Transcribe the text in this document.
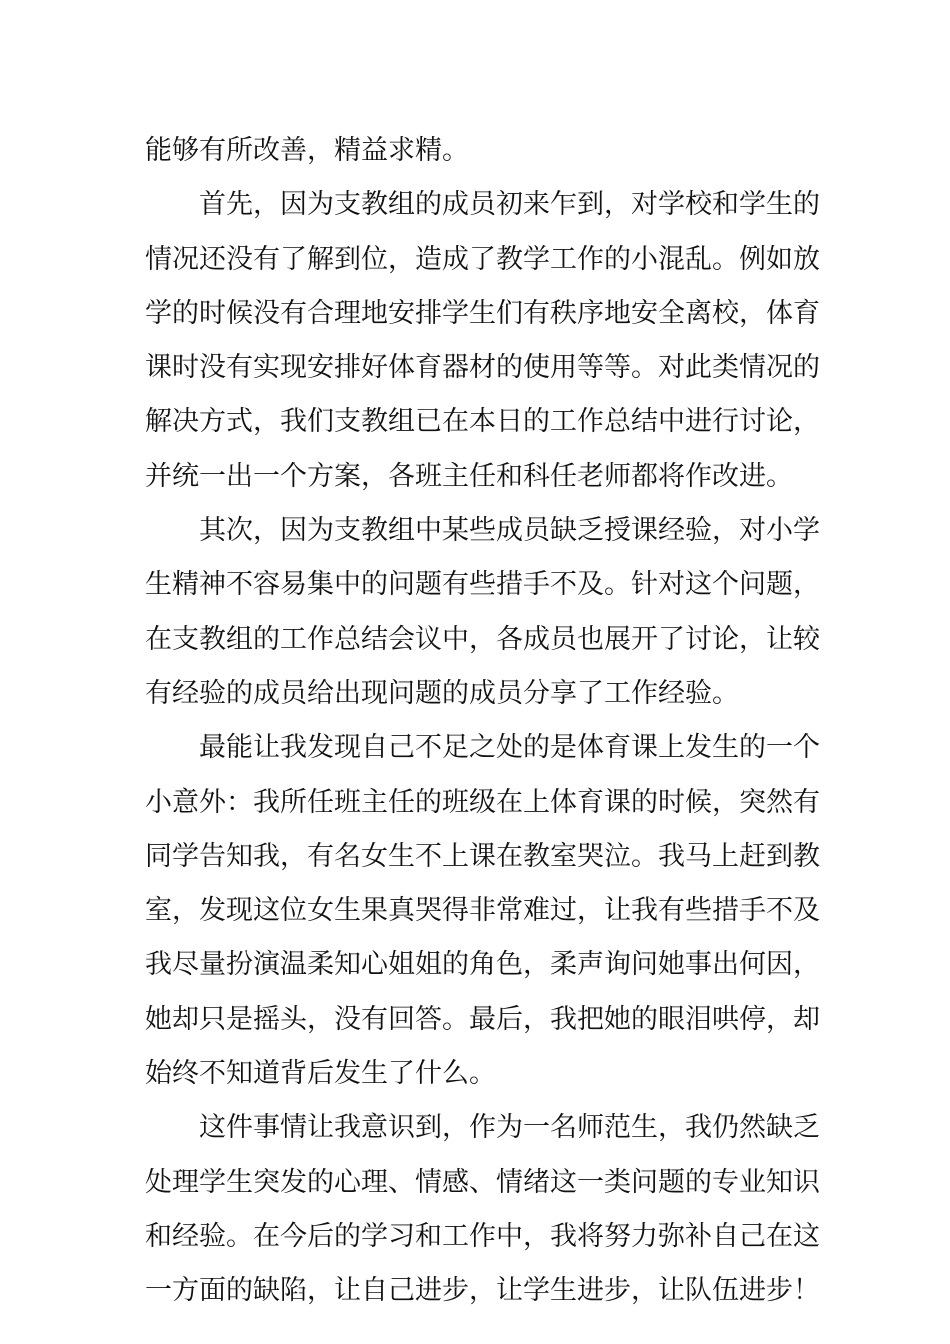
能够有所改善，精益求精。
首先，因为支教组的成员初来乍到，对学校和学生的
情况还没有了解到位，造成了教学工作的小混乱。例如放
学的时候没有合理地安排学生们有秩序地安全离校，体育
课时没有实现安排好体育器材的使用等等。对此类情况的
解决方式，我们支教组已在本日的工作总结中进行讨论，
并统一出一个方案，各班主任和科任老师都将作改进。
其次，因为支教组中某些成员缺乏授课经验，对小学
生精神不容易集中的问题有些措手不及。针对这个问题，
在支教组的工作总结会议中，各成员也展开了讨论，让较
有经验的成员给出现问题的成员分享了工作经验。
最能让我发现自己不足之处的是体育课上发生的一个
小意外：我所任班主任的班级在上体育课的时候，突然有
同学告知我，有名女生不上课在教室哭泣。我马上赶到教
室，发现这位女生果真哭得非常难过，让我有些措手不及
我尽量扮演温柔知心姐姐的角色，柔声询问她事出何因，
她却只是摇头，没有回答。最后，我把她的眼泪哄停，却
始终不知道背后发生了什么。
这件事情让我意识到，作为一名师范生，我仍然缺乏
处理学生突发的心理、情感、情绪这一类问题的专业知识
和经验。在今后的学习和工作中，我将努力弥补自己在这
一方面的缺陷，让自己进步，让学生进步，让队伍进步！
